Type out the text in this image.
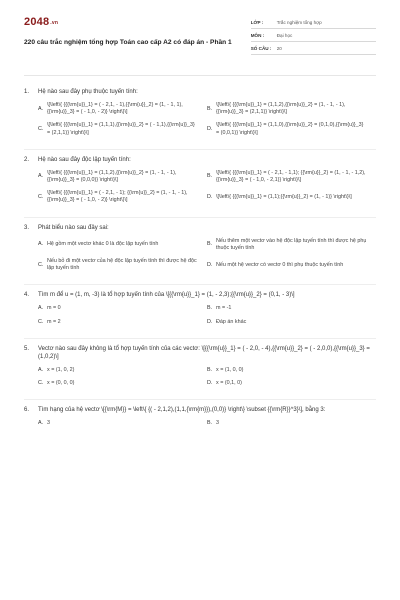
2048.vn
220 câu trắc nghiệm tổng hợp Toán cao cấp A2 có đáp án - Phần 1
LỚP :	Trắc nghiệm tổng hợp
MÔN :	Đại học
SỐ CÂU :	20
1.	Hệ nào sau đây phụ thuộc tuyến tính:
A.
\[\left\{ {{{\rm{u}}_1} = ( - 2,1, - 1),{{\rm{u}}_2} = (1, - 1, 1),{{\rm{u}}_3} = ( - 1,0, - 2)} \right\}\]
B.
\[\left\{ {{{\rm{u}}_1} = (1,1,2),{{\rm{u}}_2} = (1, - 1, - 1),{{\rm{u}}_3} = (2,1,1)} \right\}\]
C.
\[\left\{ {{{\rm{u}}_1} = (1,1,1),{{\rm{u}}_2} = ( - 1,1),{{\rm{u}}_3} = (2,1,1)} \right\}\]
D.
\[\left\{ {{{\rm{u}}_1} = (1,1,0),{{\rm{u}}_2} = (0,1,0),{{\rm{u}}_3} = (0,0,1)} \right\}\]
2.	Hệ nào sau đây độc lập tuyến tính:
A.
\[\left\{ {{{\rm{u}}_1} = (1,1,2),{{\rm{u}}_2} = (1, - 1, - 1),{{\rm{u}}_3} = (0,0,0)} \right\}\]
B.
\[\left\{ {{{\rm{u}}_1} = ( - 2,1, - 1,1); {{\rm{u}}_2} = (1, - 1, - 1,2),{{\rm{u}}_3} = ( - 1,0, - 2,1)} \right\}\]
C.
\[\left\{ {{{\rm{u}}_1} = ( - 2,1, - 1); {{\rm{u}}_2} = (1, - 1, - 1),{{\rm{u}}_3} = ( - 1,0, - 2)} \right\}\]
D. \[\left\{ {{{\rm{u}}_1} = (1,1);{{\rm{u}}_2} = (1, - 1)} \right\}\]
3.	Phát biểu nào sau đây sai:
A. Hệ gồm một vectơ khác 0 là độc lập tuyến tính	B.
Nếu thêm một vectơ vào hệ độc lập tuyến tính thì được hệ phụ thuộc tuyến tính
C.
Nếu bỏ đi một vectơ của hệ độc lập tuyến tính thì được hệ độc lập tuyến tính
D. Nếu một hệ vectơ có vectơ 0 thì phụ thuộc tuyến tính
4.	Tìm m để u = (1, m, -3) là tổ hợp tuyến tính của \[{{\rm{u}}_1} = (1, - 2,3);{{\rm{u}}_2} = (0,1, - 3)\]
A. m = 0	B. m = -1
C. m = 2	D. Đáp án khác
5.	Vectơ nào sau đây không là tổ hợp tuyến tính của các vectơ: \[{{\rm{u}}_1} = ( - 2,0, - 4),{{\rm{u}}_2} = ( - 2,0,0),{{\rm{u}}_3} = (1,0,2)\]
A. x = (1, 0, 2)	B. x = (1, 0, 0)
C. x = (0, 0, 0)	D. x = (0,1, 0)
6.	Tìm hạng của hệ vectơ \[{\rm{M}} = \left\{ {( - 2,1,2),(1,1,{\rm{m}}),(0,0)} \right\} \subset {{\rm{R}}^3}\], bằng 3:
A. 3	B. 3
